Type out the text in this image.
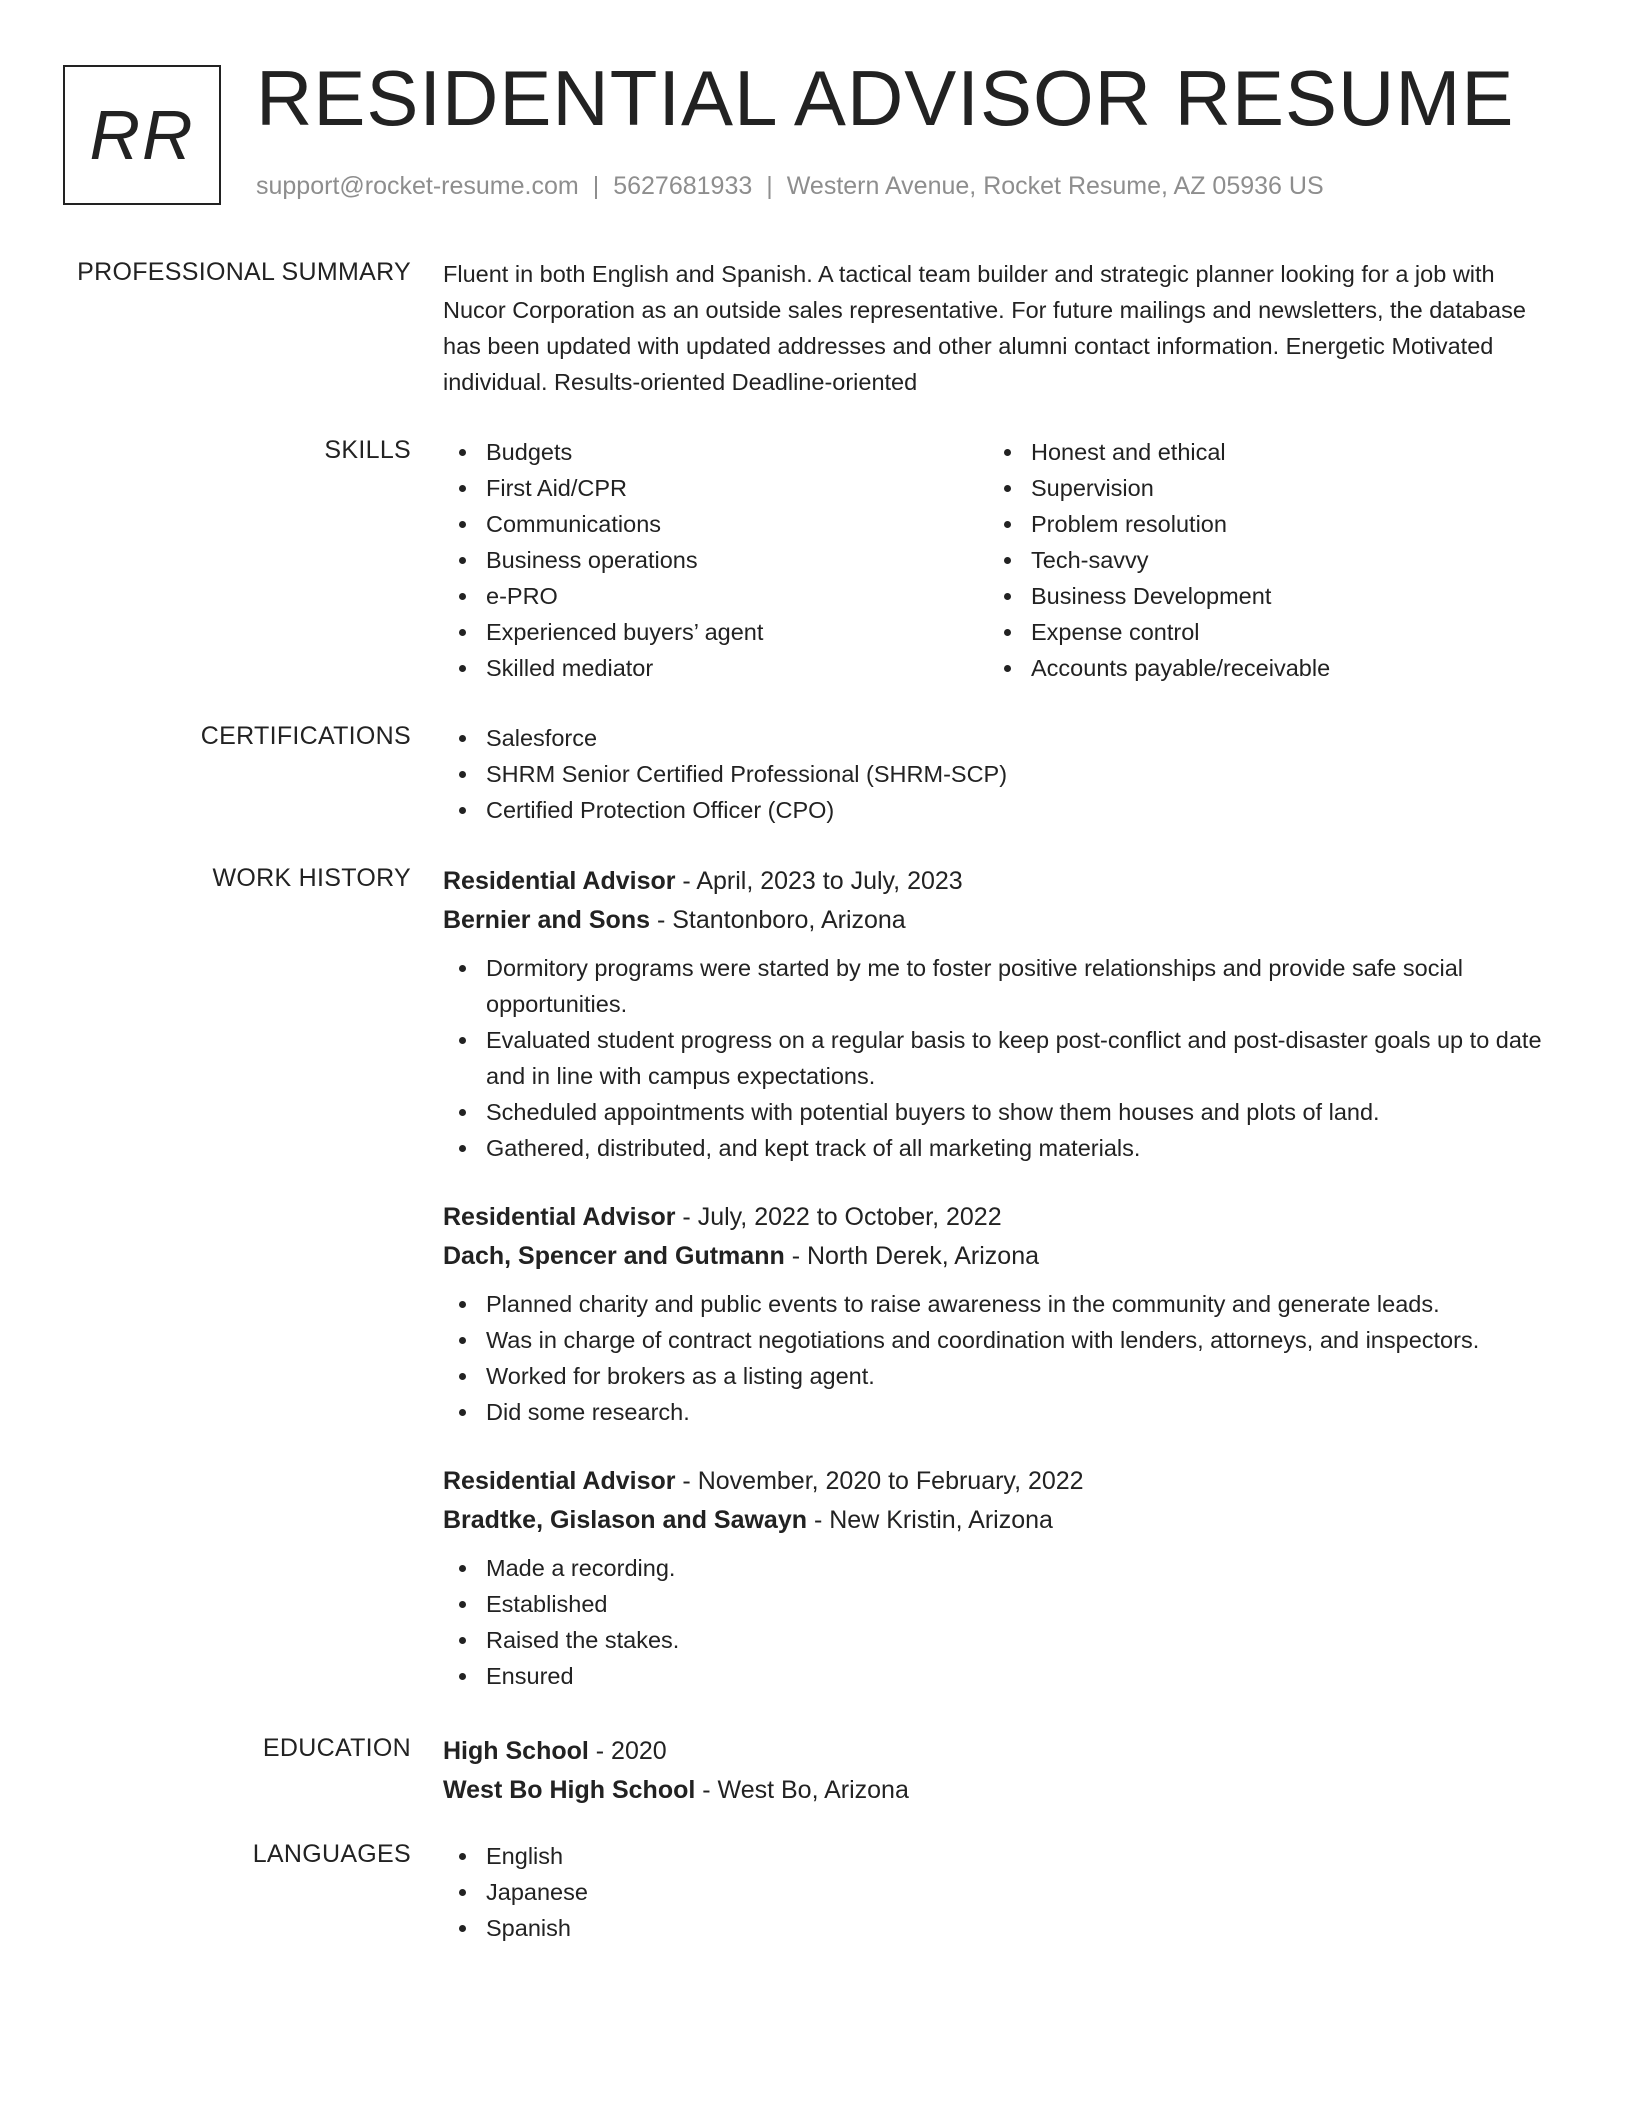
RR RESIDENTIAL ADVISOR RESUME
support@rocket-resume.com | 5627681933 | Western Avenue, Rocket Resume, AZ 05936 US
PROFESSIONAL SUMMARY Fluent in both English and Spanish. A tactical team builder and strategic planner looking for a job with Nucor Corporation as an outside sales representative. For future mailings and newsletters, the database has been updated with updated addresses and other alumni contact information. Energetic Motivated individual. Results-oriented Deadline-oriented

SKILLS	Budgets
First Aid/CPR
Communications
Business operations
e-PRO
Experienced buyers’ agent
Skilled mediator
Honest and ethical
Supervision
Problem resolution
Tech-savvy
Business Development
Expense control
Accounts payable/receivable
CERTIFICATIONS	Salesforce
SHRM Senior Certified Professional (SHRM-SCP)
Certified Protection Officer (CPO)
WORK HISTORY Residential Advisor - April, 2023 to July, 2023
Bernier and Sons - Stantonboro, Arizona
Dormitory programs were started by me to foster positive relationships and provide safe social opportunities.
Evaluated student progress on a regular basis to keep post-conflict and post-disaster goals up to date and in line with campus expectations.
Scheduled appointments with potential buyers to show them houses and plots of land.
Gathered, distributed, and kept track of all marketing materials.
Residential Advisor - July, 2022 to October, 2022
Dach, Spencer and Gutmann - North Derek, Arizona
Planned charity and public events to raise awareness in the community and generate leads.
Was in charge of contract negotiations and coordination with lenders, attorneys, and inspectors.
Worked for brokers as a listing agent.
Did some research.
Residential Advisor - November, 2020 to February, 2022
Bradtke, Gislason and Sawayn - New Kristin, Arizona
Made a recording.
Established
Raised the stakes.
Ensured
EDUCATION High School - 2020
West Bo High School - West Bo, Arizona
LANGUAGES	English
Japanese
Spanish
